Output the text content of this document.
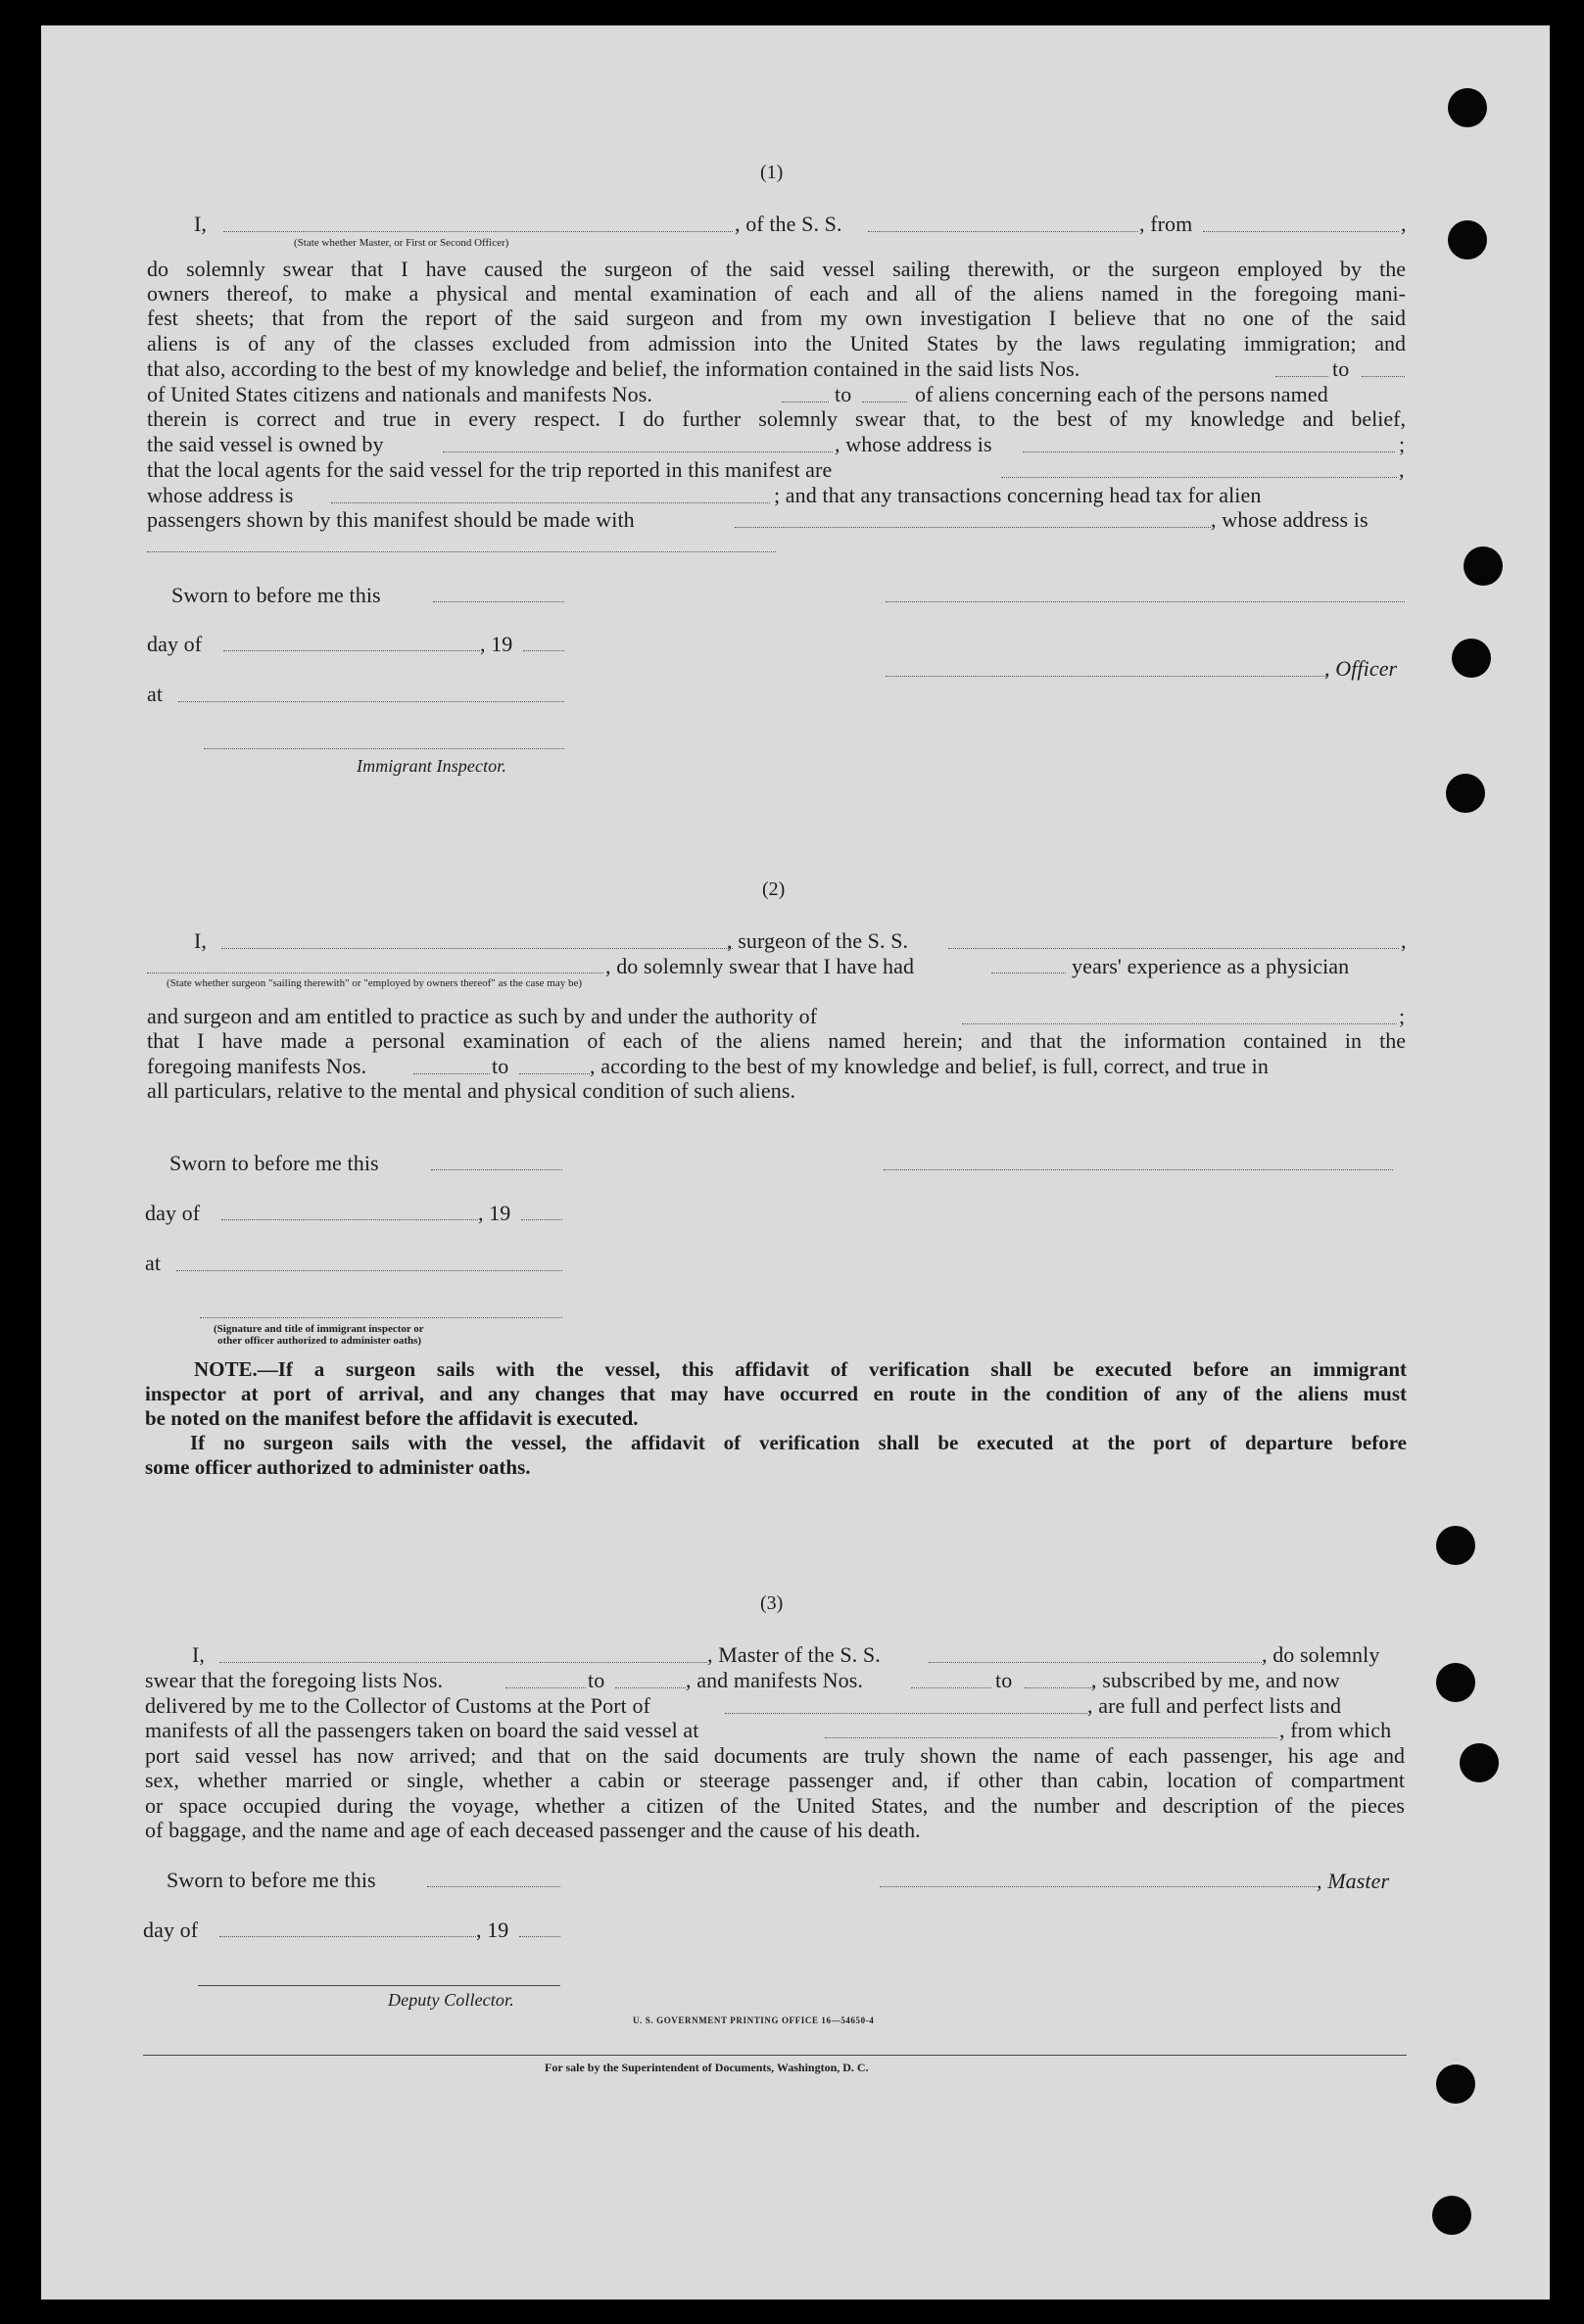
(1)
I,
(State whether Master, or First or Second Officer)
, of the S. S.	, from	,
do solemnly swear that I have caused the surgeon of the said vessel sailing therewith, or the surgeon employed by the
owners thereof, to make a physical and mental examination of each and all of the aliens named in the foregoing mani-
fest sheets; that from the report of the said surgeon and from my own investigation I believe that no one of the said
aliens is of any of the classes excluded from admission into the United States by the laws regulating immigration; and
that also, according to the best of my knowledge and belief, the information contained in the said lists Nos.	to
of United States citizens and nationals and manifests Nos.	to	of aliens concerning each of the persons named
therein is correct and true in every respect. I do further solemnly swear that, to the best of my knowledge and belief,
the said vessel is owned by	, whose address is	;
that the local agents for the said vessel for the trip reported in this manifest are	,
whose address is	; and that any transactions concerning head tax for alien
passengers shown by this manifest should be made with	, whose address is
Sworn to before me this
day of	, 19
, Officer
at
Immigrant Inspector.
(2)
I,	, surgeon of the S. S.	,
, do solemnly swear that I have had	years' experience as a physician
(State whether surgeon "sailing therewith" or "employed by owners thereof" as the case may be)
and surgeon and am entitled to practice as such by and under the authority of	;
that I have made a personal examination of each of the aliens named herein; and that the information contained in the
foregoing manifests Nos.	to	, according to the best of my knowledge and belief, is full, correct, and true in
all particulars, relative to the mental and physical condition of such aliens.
Sworn to before me this
day of	, 19
at
(Signature and title of immigrant inspector or
other officer authorized to administer oaths)
NOTE.—If a surgeon sails with the vessel, this affidavit of verification shall be executed before an immigrant
inspector at port of arrival, and any changes that may have occurred en route in the condition of any of the aliens must
be noted on the manifest before the affidavit is executed.
If no surgeon sails with the vessel, the affidavit of verification shall be executed at the port of departure before
some officer authorized to administer oaths.
(3)
I,	, Master of the S. S.	, do solemnly
swear that the foregoing lists Nos.	to	, and manifests Nos.	to	, subscribed by me, and now
delivered by me to the Collector of Customs at the Port of	, are full and perfect lists and
manifests of all the passengers taken on board the said vessel at	, from which
port said vessel has now arrived; and that on the said documents are truly shown the name of each passenger, his age and
sex, whether married or single, whether a cabin or steerage passenger and, if other than cabin, location of compartment
or space occupied during the voyage, whether a citizen of the United States, and the number and description of the pieces
of baggage, and the name and age of each deceased passenger and the cause of his death.
Sworn to before me this	, Master
day of	, 19
Deputy Collector.
U. S. GOVERNMENT PRINTING OFFICE 16—54650-4
For sale by the Superintendent of Documents, Washington, D. C.
